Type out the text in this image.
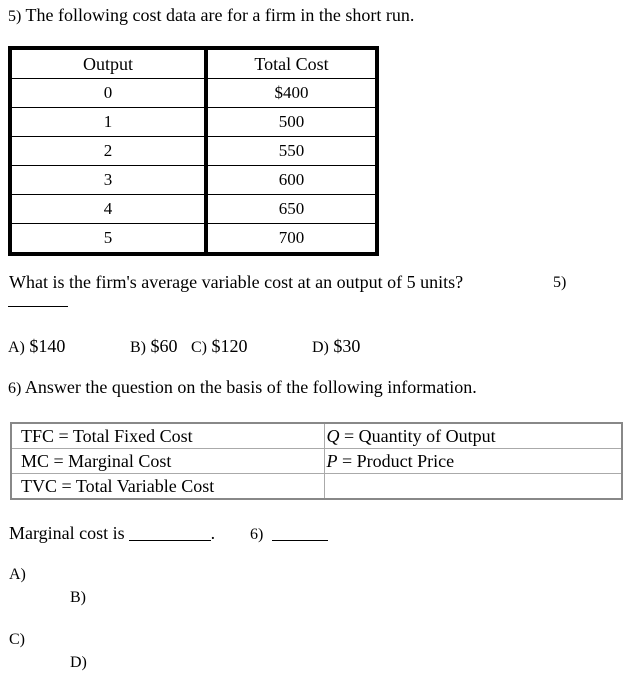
5) The following cost data are for a firm in the short run.
Output	Total Cost
0	$400
1	500
2	550
3	600
4	650
5	700
What is the firm's average variable cost at an output of 5 units?	5)
A) $140	B) $60 C) $120	D) $30
6) Answer the question on the basis of the following information.
TFC = Total Fixed Cost	Q = Quantity of Output
MC = Marginal Cost	P = Product Price
TVC = Total Variable Cost	
Marginal cost is	. 6)
A)
B)
C)
D)
